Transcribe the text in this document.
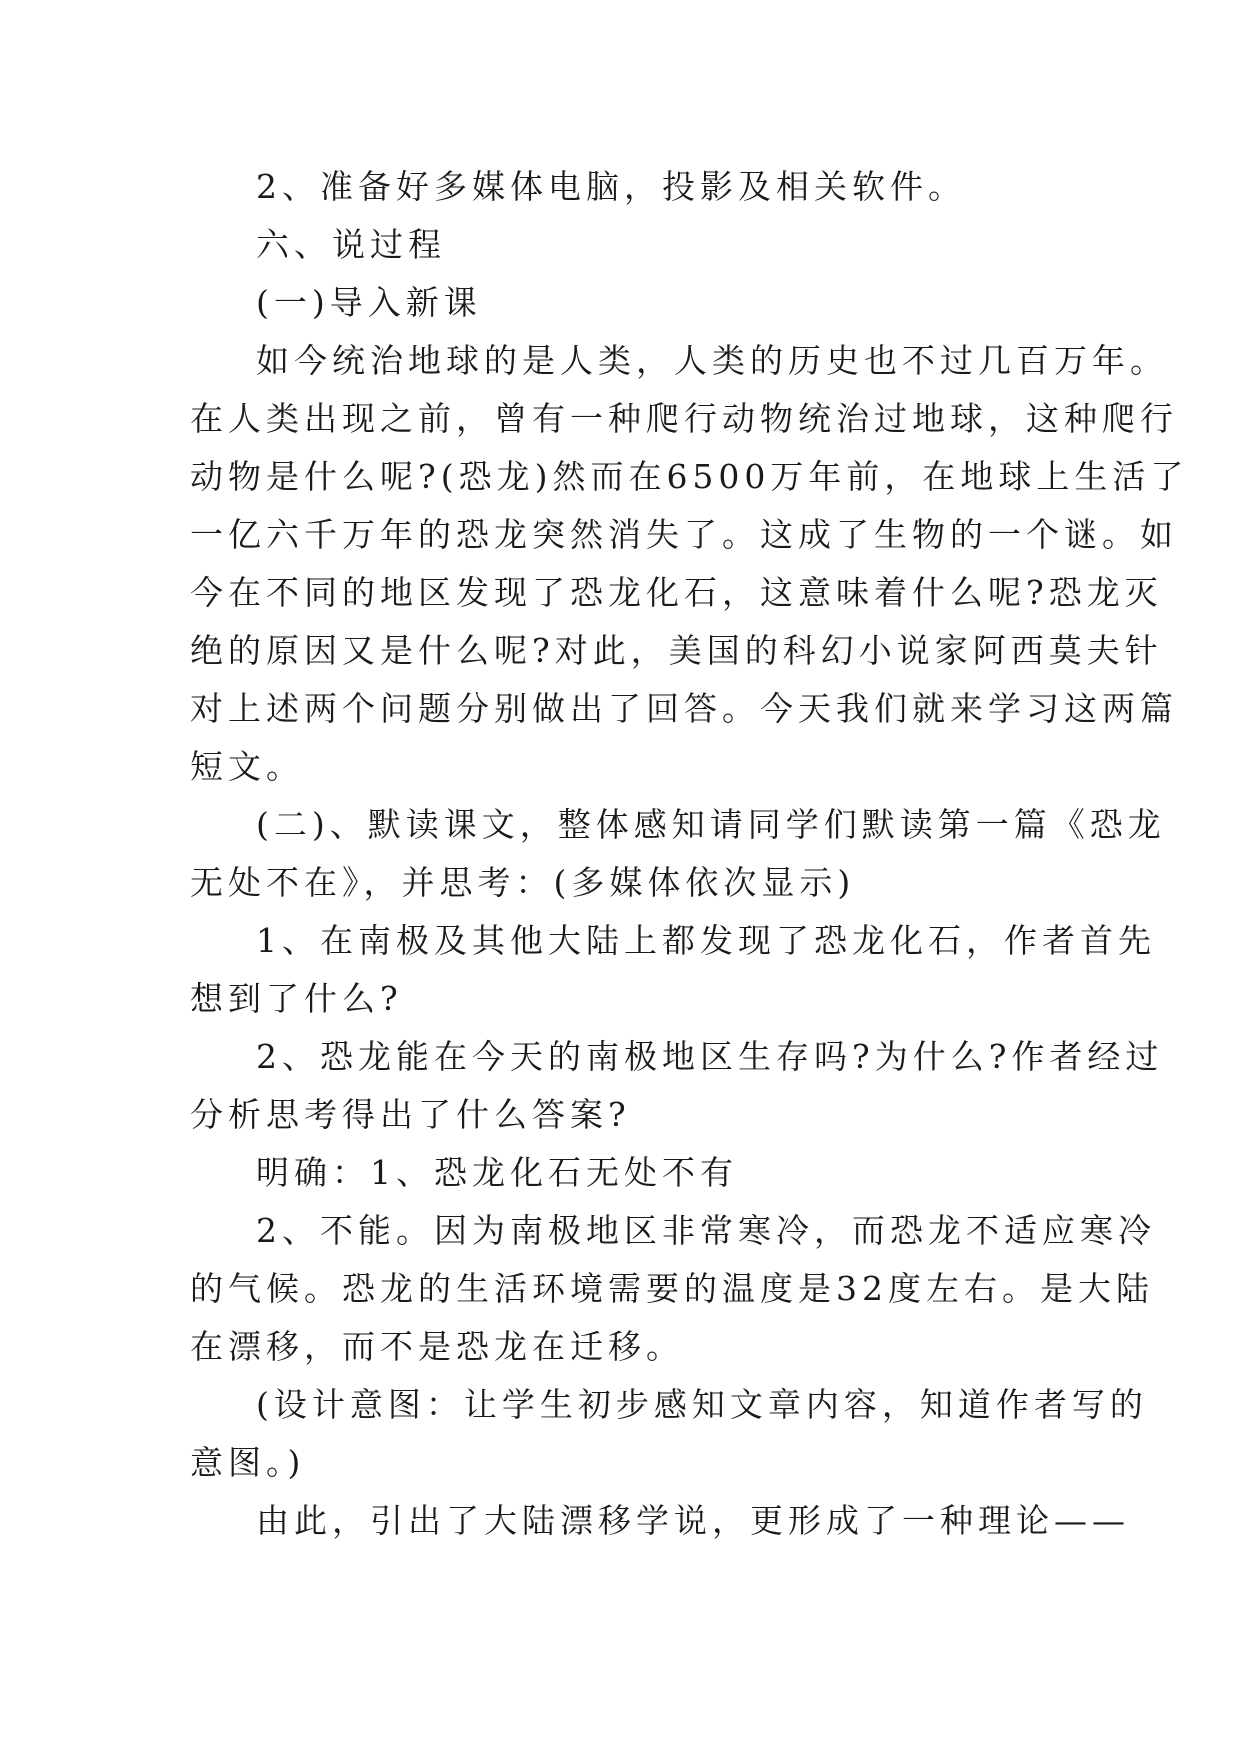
2、准备好多媒体电脑，投影及相关软件。
六、说过程
(一)导入新课
如今统治地球的是人类，人类的历史也不过几百万年。
在人类出现之前，曾有一种爬行动物统治过地球，这种爬行
动物是什么呢?(恐龙)然而在6500万年前，在地球上生活了
一亿六千万年的恐龙突然消失了。这成了生物的一个谜。如
今在不同的地区发现了恐龙化石，这意味着什么呢?恐龙灭
绝的原因又是什么呢?对此，美国的科幻小说家阿西莫夫针
对上述两个问题分别做出了回答。今天我们就来学习这两篇
短文。
(二)、默读课文，整体感知请同学们默读第一篇《恐龙
无处不在》，并思考：(多媒体依次显示)
1、在南极及其他大陆上都发现了恐龙化石，作者首先
想到了什么?
2、恐龙能在今天的南极地区生存吗?为什么?作者经过
分析思考得出了什么答案?
明确：1、恐龙化石无处不有
2、不能。因为南极地区非常寒冷，而恐龙不适应寒冷
的气候。恐龙的生活环境需要的温度是32度左右。是大陆
在漂移，而不是恐龙在迁移。
(设计意图：让学生初步感知文章内容，知道作者写的
意图。)
由此，引出了大陆漂移学说，更形成了一种理论——
